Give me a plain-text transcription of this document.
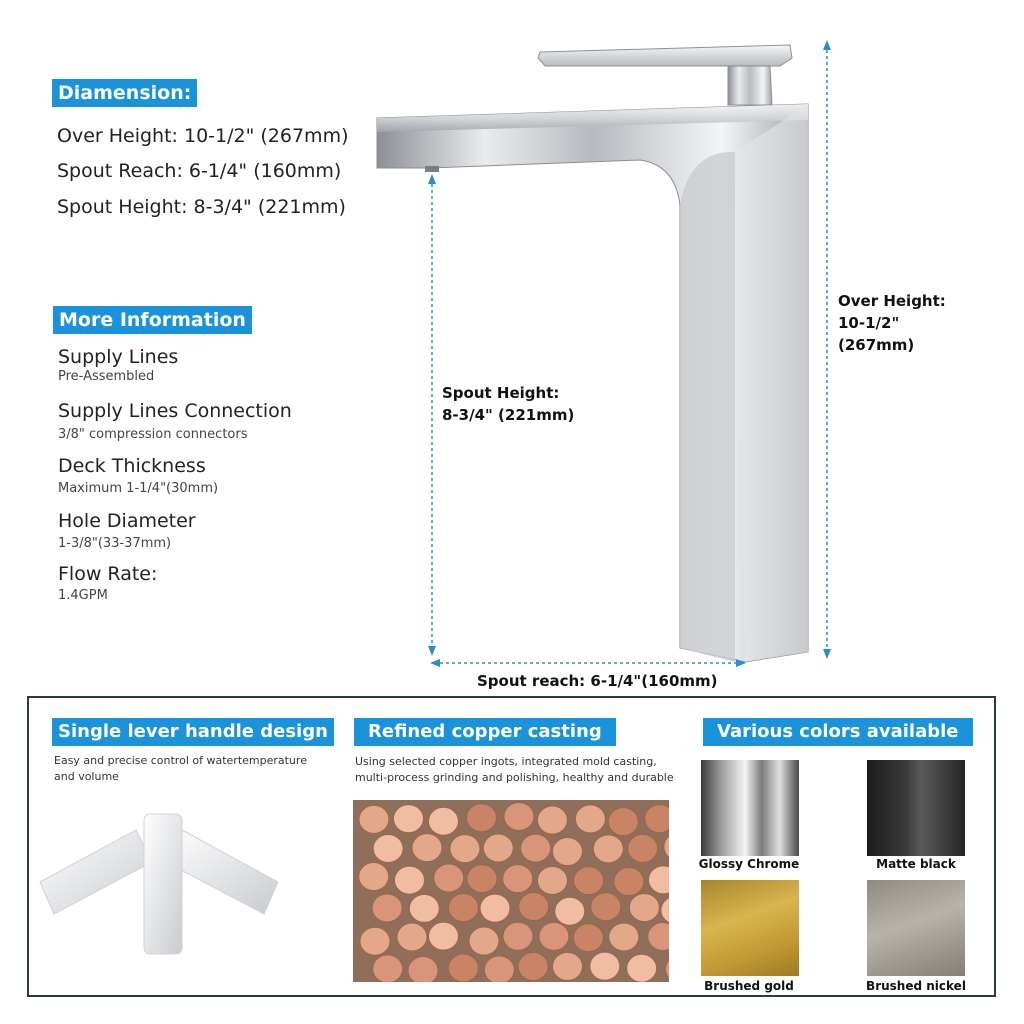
Diamension:
Over Height: 10-1/2" (267mm)
Spout Reach: 6-1/4" (160mm)
Spout Height: 8-3/4" (221mm)
More Information
Supply Lines
Pre-Assembled
Supply Lines Connection
3/8" compression connectors
Deck Thickness
Maximum 1-1/4"(30mm)
Hole Diameter
1-3/8"(33-37mm)
Flow Rate:
1.4GPM
Over Height:
10-1/2"
(267mm)
Spout Height:
8-3/4" (221mm)
Spout reach: 6-1/4"(160mm)
Single lever handle design
Easy and precise control of watertemperature
and volume
Refined copper casting
Using selected copper ingots, integrated mold casting,
multi-process grinding and polishing, healthy and durable
Various colors available
Glossy Chrome	Matte black
Brushed gold	Brushed nickel
